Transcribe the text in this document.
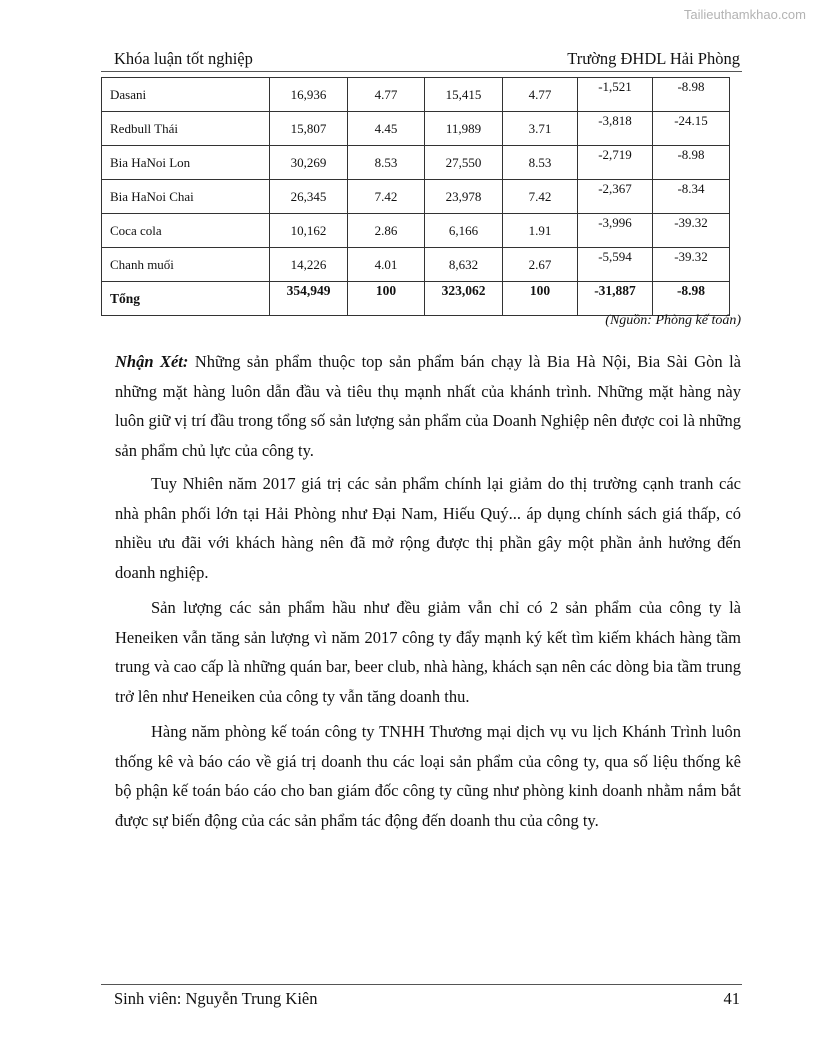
Tailieuthamkhao.com
Khóa luận tốt nghiệp	Trường ĐHDL Hải Phòng
Dasani	16,936	4.77	15,415	4.77	-1,521	-8.98
Redbull Thái	15,807	4.45	11,989	3.71	-3,818	-24.15
Bia HaNoi Lon	30,269	8.53	27,550	8.53	-2,719	-8.98
Bia HaNoi Chai	26,345	7.42	23,978	7.42	-2,367	-8.34
Coca cola	10,162	2.86	6,166	1.91	-3,996	-39.32
Chanh muối	14,226	4.01	8,632	2.67	-5,594	-39.32
Tổng	354,949	100	323,062	100	-31,887	-8.98
(Nguồn: Phòng kế toán)

Nhận Xét: Những sản phẩm thuộc top sản phẩm bán chạy là Bia Hà Nội, Bia Sài Gòn là những mặt hàng luôn dẫn đầu và tiêu thụ mạnh nhất của khánh trình. Những mặt hàng này luôn giữ vị trí đầu trong tổng số sản lượng sản phẩm của Doanh Nghiệp nên được coi là những sản phẩm chủ lực của công ty.

Tuy Nhiên năm 2017 giá trị các sản phẩm chính lại giảm do thị trường cạnh tranh các nhà phân phối lớn tại Hải Phòng như Đại Nam, Hiếu Quý... áp dụng chính sách giá thấp, có nhiều ưu đãi với khách hàng nên đã mở rộng được thị phần gây một phần ảnh hưởng đến doanh nghiệp.

Sản lượng các sản phẩm hầu như đều giảm vẫn chỉ có 2 sản phẩm của công ty là Heneiken vẫn tăng sản lượng vì năm 2017 công ty đẩy mạnh ký kết tìm kiếm khách hàng tầm trung và cao cấp là những quán bar, beer club, nhà hàng, khách sạn nên các dòng bia tầm trung trở lên như Heneiken của công ty vẫn tăng doanh thu.

Hàng năm phòng kế toán công ty TNHH Thương mại dịch vụ vu lịch Khánh Trình luôn thống kê và báo cáo về giá trị doanh thu các loại sản phẩm của công ty, qua số liệu thống kê bộ phận kế toán báo cáo cho ban giám đốc công ty cũng như phòng kinh doanh nhằm nắm bắt được sự biến động của các sản phẩm tác động đến doanh thu của công ty.

Sinh viên: Nguyễn Trung Kiên	41
